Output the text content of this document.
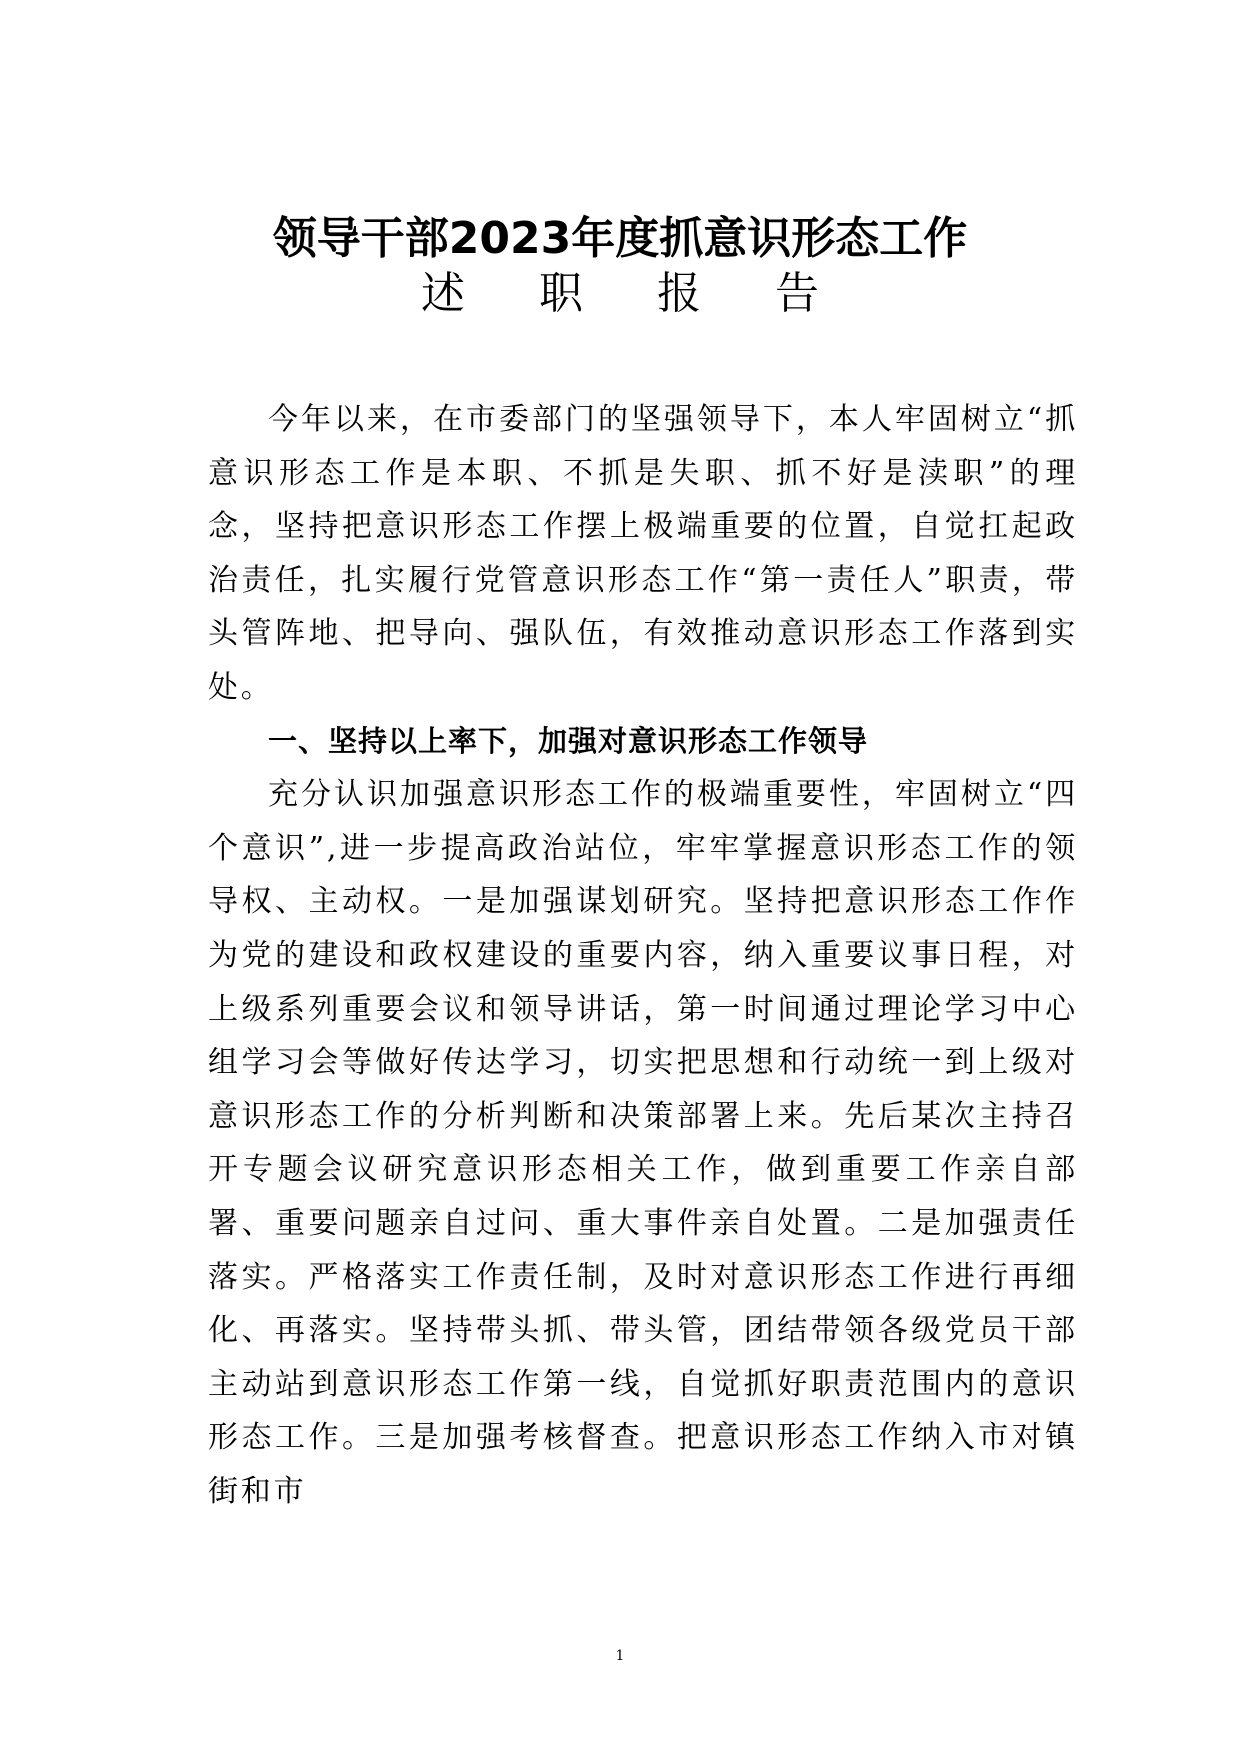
领导干部2023年度抓意识形态工作

述 职 报 告

今年以来，在市委部门的坚强领导下，本人牢固树立“抓意识形态工作是本职、不抓是失职、抓不好是渎职”的理念，坚持把意识形态工作摆上极端重要的位置，自觉扛起政治责任，扎实履行党管意识形态工作“第一责任人”职责，带头管阵地、把导向、强队伍，有效推动意识形态工作落到实处。

一、坚持以上率下，加强对意识形态工作领导

充分认识加强意识形态工作的极端重要性，牢固树立“四个意识”,进一步提高政治站位，牢牢掌握意识形态工作的领导权、主动权。一是加强谋划研究。坚持把意识形态工作作为党的建设和政权建设的重要内容，纳入重要议事日程，对上级系列重要会议和领导讲话，第一时间通过理论学习中心组学习会等做好传达学习，切实把思想和行动统一到上级对意识形态工作的分析判断和决策部署上来。先后某次主持召开专题会议研究意识形态相关工作，做到重要工作亲自部署、重要问题亲自过问、重大事件亲自处置。二是加强责任落实。严格落实工作责任制，及时对意识形态工作进行再细化、再落实。坚持带头抓、带头管，团结带领各级党员干部主动站到意识形态工作第一线，自觉抓好职责范围内的意识形态工作。三是加强考核督查。把意识形态工作纳入市对镇街和市

1
